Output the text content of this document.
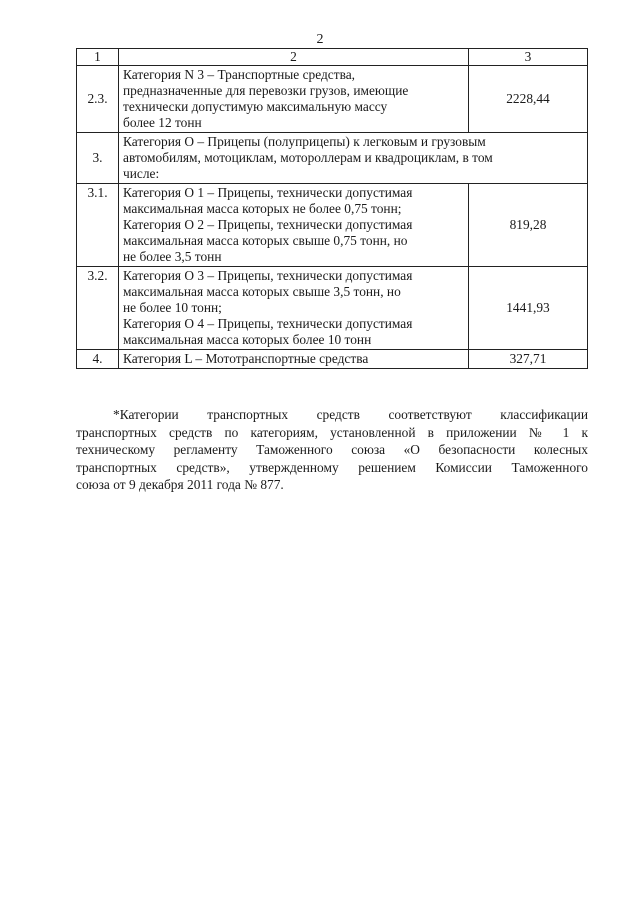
2
1	2	3
2.3.	Категория N 3 – Транспортные средства,
предназначенные для перевозки грузов, имеющие
технически допустимую максимальную массу
более 12 тонн	2228,44
3.	Категория О – Прицепы (полуприцепы) к легковым и грузовым
автомобилям, мотоциклам, мотороллерам и квадроциклам, в том
числе:	

3.1.	Категория О 1 – Прицепы, технически допустимая
максимальная масса которых не более 0,75 тонн;
Категория О 2 – Прицепы, технически допустимая
максимальная масса которых свыше 0,75 тонн, но
не более 3,5 тонн	819,28
3.2.	Категория О 3 – Прицепы, технически допустимая
максимальная масса которых свыше 3,5 тонн, но
не более 10 тонн;
Категория О 4 – Прицепы, технически допустимая
максимальная масса которых более 10 тонн	1441,93
4.	Категория L – Мототранспортные средства	327,71
*Категории транспортных средств соответствуют классификации
транспортных средств по категориям, установленной в приложении № 1 к
техническому регламенту Таможенного союза «О безопасности колесных
транспортных средств», утвержденному решением Комиссии Таможенного
союза от 9 декабря 2011 года № 877.
